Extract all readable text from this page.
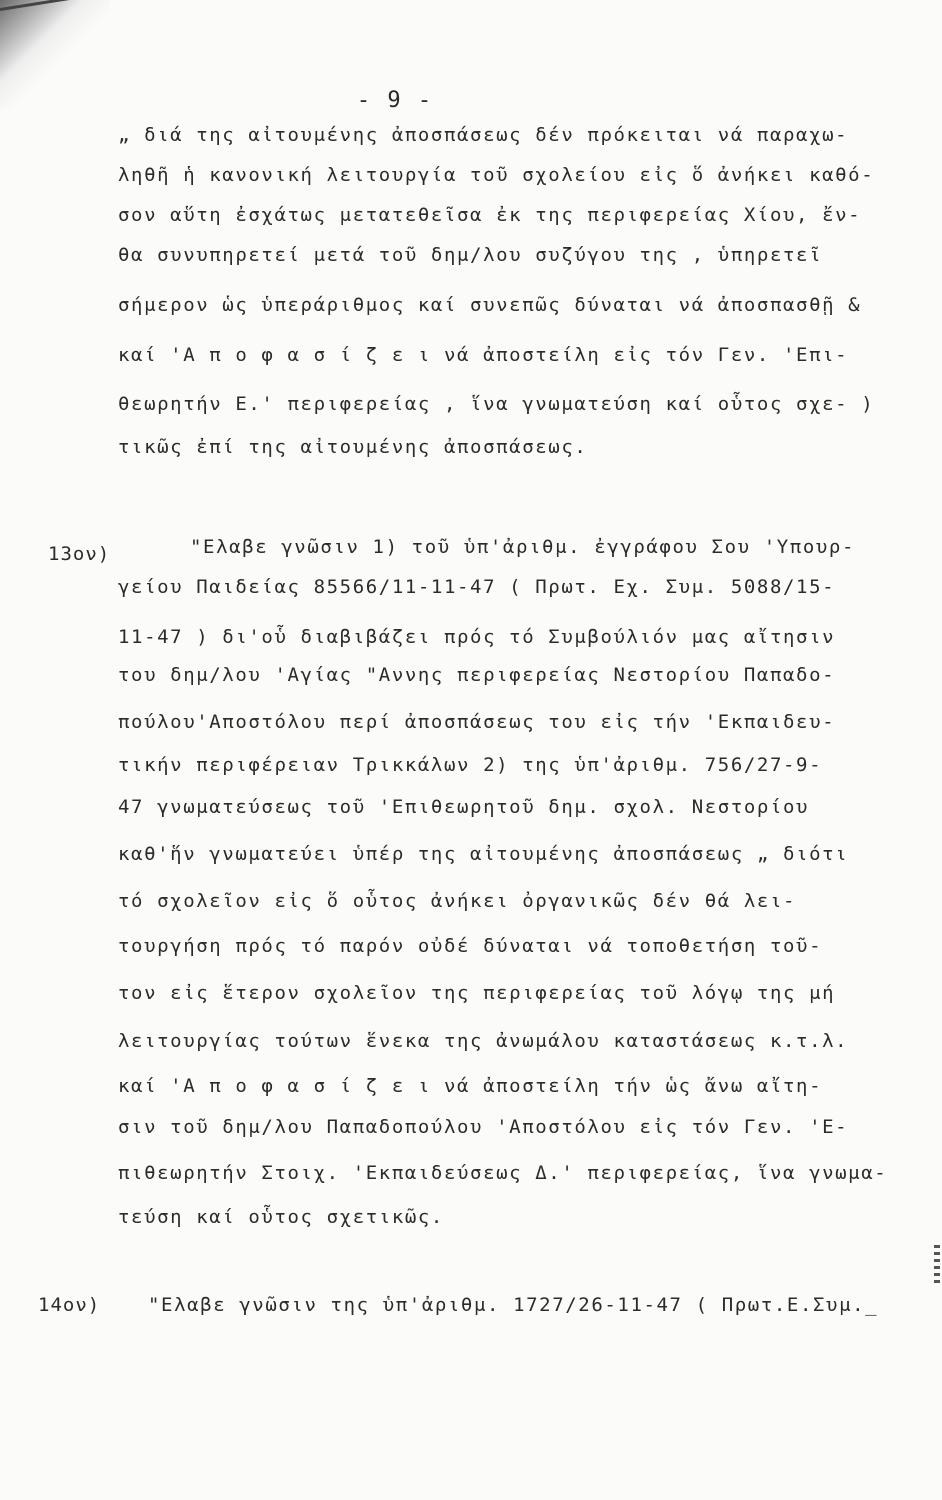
- 9 -
„ διά της αἰτουμένης ἀποσπάσεως δέν πρόκειται νά παραχω-
ληθῆ ἡ κανονική λειτουργία τοῦ σχολείου εἰς ὅ ἀνήκει καθό-
σον αὕτη ἐσχάτως μετατεθεῖσα ἐκ της περιφερείας Χίου, ἔν-
θα συνυπηρετεί μετά τοῦ δημ/λου συζύγου της , ὑπηρετεῖ
σήμερον ὡς ὑπεράριθμος καί συνεπῶς δύναται νά ἀποσπασθῇ &
καί 'Α π ο φ α σ ί ζ ε ι νά ἀποστείλη εἰς τόν Γεν. 'Επι-
θεωρητήν Ε.' περιφερείας , ἵνα γνωματεύση καί οὗτος σχε- )
τικῶς ἐπί της αἰτουμένης ἀποσπάσεως.
13ον)	"Ελαβε γνῶσιν 1) τοῦ ὑπ'ἀριθμ. ἐγγράφου Σου 'Υπουρ-
γείου Παιδείας 85566/11-11-47 ( Πρωτ. Εχ. Συμ. 5088/15-
11-47 ) δι'οὗ διαβιβάζει πρός τό Συμβούλιόν μας αἴτησιν
του δημ/λου 'Αγίας "Αννης περιφερείας Νεστορίου Παπαδο-
πούλου'Αποστόλου περί ἀποσπάσεως του εἰς τήν 'Εκπαιδευ-
τικήν περιφέρειαν Τρικκάλων 2) της ὑπ'ἀριθμ. 756/27-9-
47 γνωματεύσεως τοῦ 'Επιθεωρητοῦ δημ. σχολ. Νεστορίου
καθ'ἥν γνωματεύει ὑπέρ της αἰτουμένης ἀποσπάσεως „ διότι
τό σχολεῖον εἰς ὅ οὗτος ἀνήκει ὀργανικῶς δέν θά λει-
τουργήση πρός τό παρόν οὐδέ δύναται νά τοποθετήση τοῦ-
τον εἰς ἕτερον σχολεῖον της περιφερείας τοῦ λόγῳ της μή
λειτουργίας τούτων ἕνεκα της ἀνωμάλου καταστάσεως κ.τ.λ.
καί 'Α π ο φ α σ ί ζ ε ι νά ἀποστείλη τήν ὡς ἄνω αἴτη-
σιν τοῦ δημ/λου Παπαδοπούλου 'Αποστόλου εἰς τόν Γεν. 'Ε-
πιθεωρητήν Στοιχ. 'Εκπαιδεύσεως Δ.' περιφερείας, ἵνα γνωμα-
τεύση καί οὗτος σχετικῶς.
14ον)	"Ελαβε γνῶσιν της ὑπ'ἀριθμ. 1727/26-11-47 ( Πρωτ.Ε.Συμ._
